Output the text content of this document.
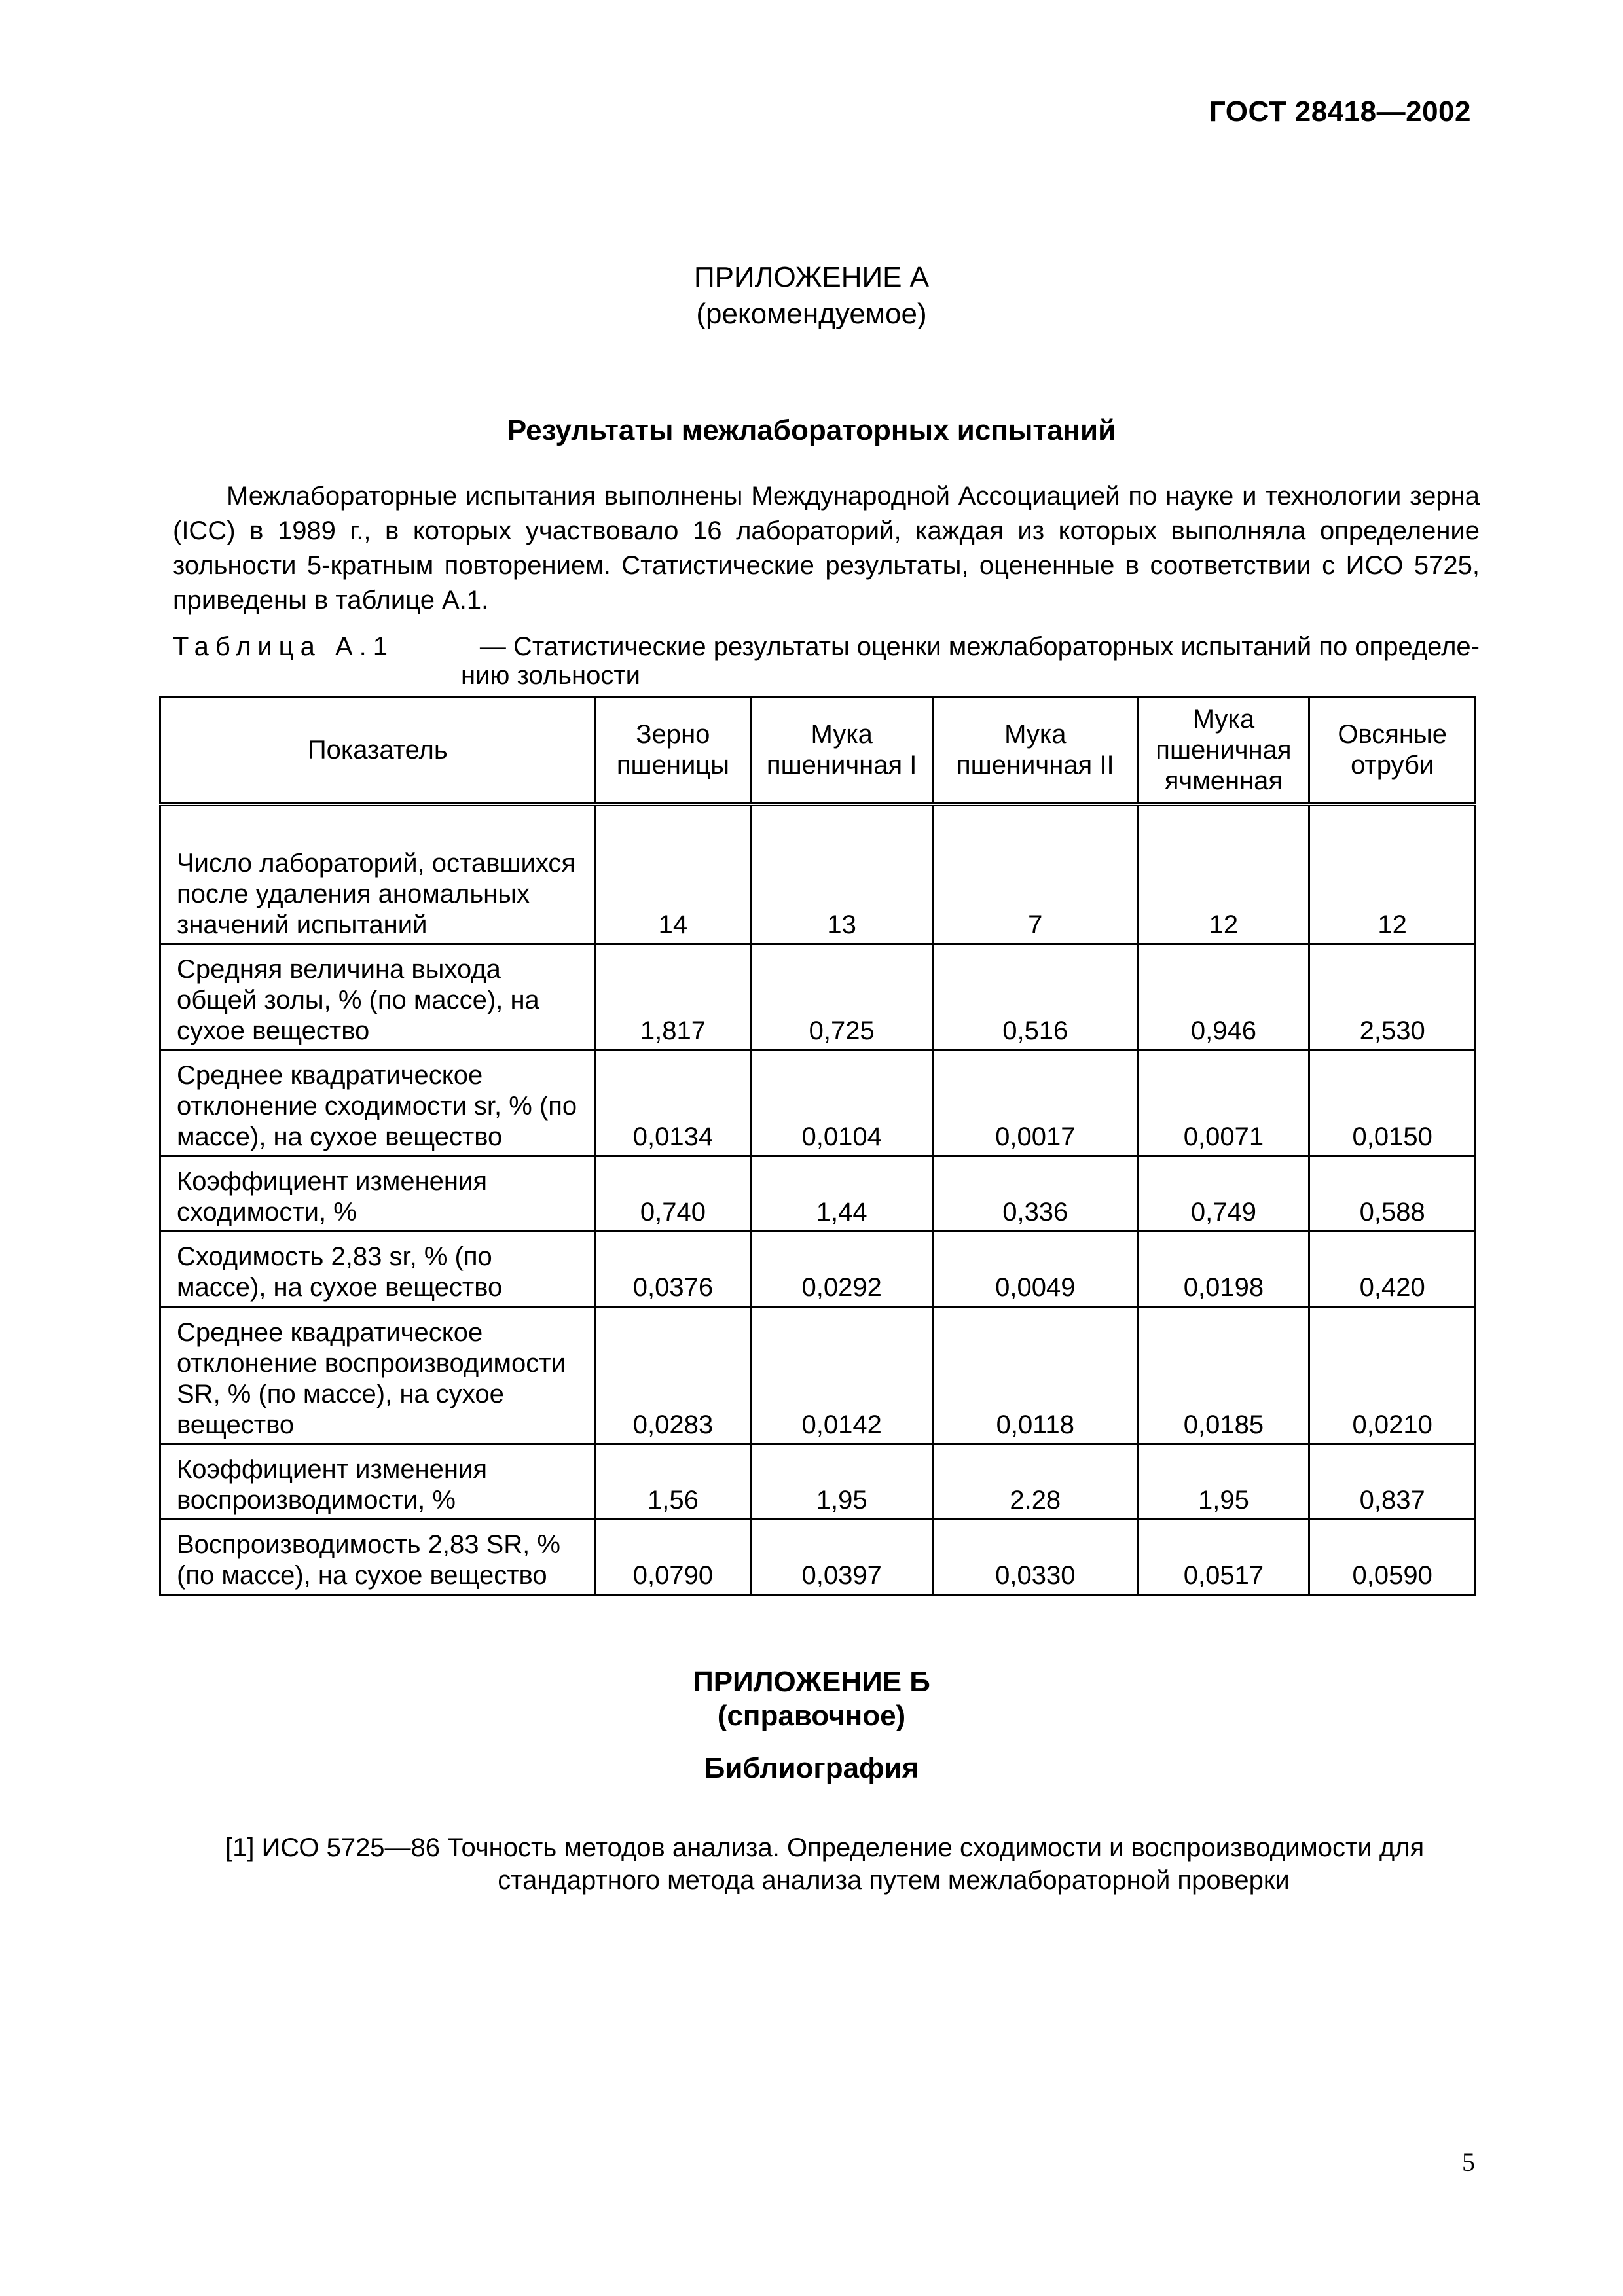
ГОСТ 28418—2002
ПРИЛОЖЕНИЕ А
(рекомендуемое)
Результаты межлабораторных испытаний

Межлабораторные испытания выполнены Международной Ассоциацией по науке и технологии зерна (ICC) в 1989 г., в которых участвовало 16 лабораторий, каждая из которых выполняла определение зольности 5-кратным повторением. Статистические результаты, оцененные в соответствии с ИСО 5725, приведены в таблице А.1.

Таблица А.1	— Статистические результаты оценки межлабораторных испытаний по определе-
нию зольности
Показатель	Зерно пшеницы	Мука пшеничная I	Мука пшеничная II	Мука пшеничная ячменная	Овсяные отруби
Число лабораторий, оставшихся после удаления аномальных значений испытаний	14	13	7	12	12
Средняя величина выхода общей золы, % (по массе), на сухое вещество	1,817	0,725	0,516	0,946	2,530
Среднее квадратическое отклонение сходимости sr, % (по массе), на сухое вещество	0,0134	0,0104	0,0017	0,0071	0,0150
Коэффициент изменения сходимости, %	0,740	1,44	0,336	0,749	0,588
Сходимость 2,83 sr, % (по массе), на сухое вещество	0,0376	0,0292	0,0049	0,0198	0,420
Среднее квадратическое отклонение воспроизводимости SR, % (по массе), на сухое вещество	0,0283	0,0142	0,0118	0,0185	0,0210
Коэффициент изменения воспроизводимости, %	1,56	1,95	2.28	1,95	0,837
Воспроизводимость 2,83 SR, % (по массе), на сухое вещество	0,0790	0,0397	0,0330	0,0517	0,0590
ПРИЛОЖЕНИЕ Б
(справочное)
Библиография
[1] ИСО 5725—86 Точность методов анализа. Определение сходимости и воспроизводимости для
стандартного метода анализа путем межлабораторной проверки
5
